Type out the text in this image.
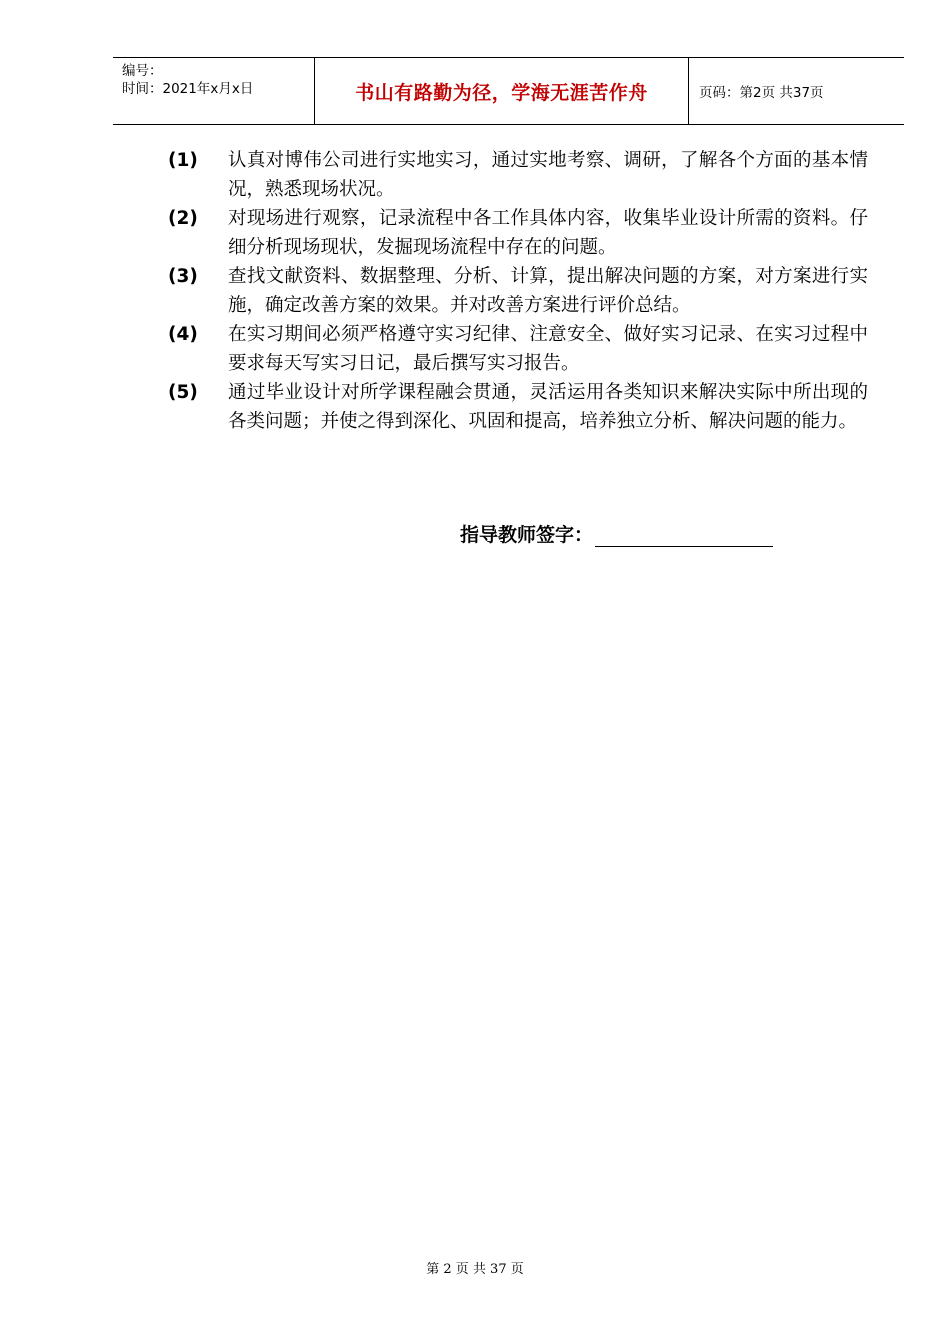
编号：
时间：2021年x月x日	书山有路勤为径，学海无涯苦作舟	页码：第2页 共37页
(1)	认真对博伟公司进行实地实习，通过实地考察、调研，了解各个方面的基本情况，熟悉现场状况。
(2)	对现场进行观察，记录流程中各工作具体内容，收集毕业设计所需的资料。仔细分析现场现状，发掘现场流程中存在的问题。
(3)	查找文献资料、数据整理、分析、计算，提出解决问题的方案，对方案进行实施，确定改善方案的效果。并对改善方案进行评价总结。
(4)	在实习期间必须严格遵守实习纪律、注意安全、做好实习记录、在实习过程中要求每天写实习日记，最后撰写实习报告。
(5)	通过毕业设计对所学课程融会贯通，灵活运用各类知识来解决实际中所出现的各类问题；并使之得到深化、巩固和提高，培养独立分析、解决问题的能力。
指导教师签字：
第 2 页 共 37 页
